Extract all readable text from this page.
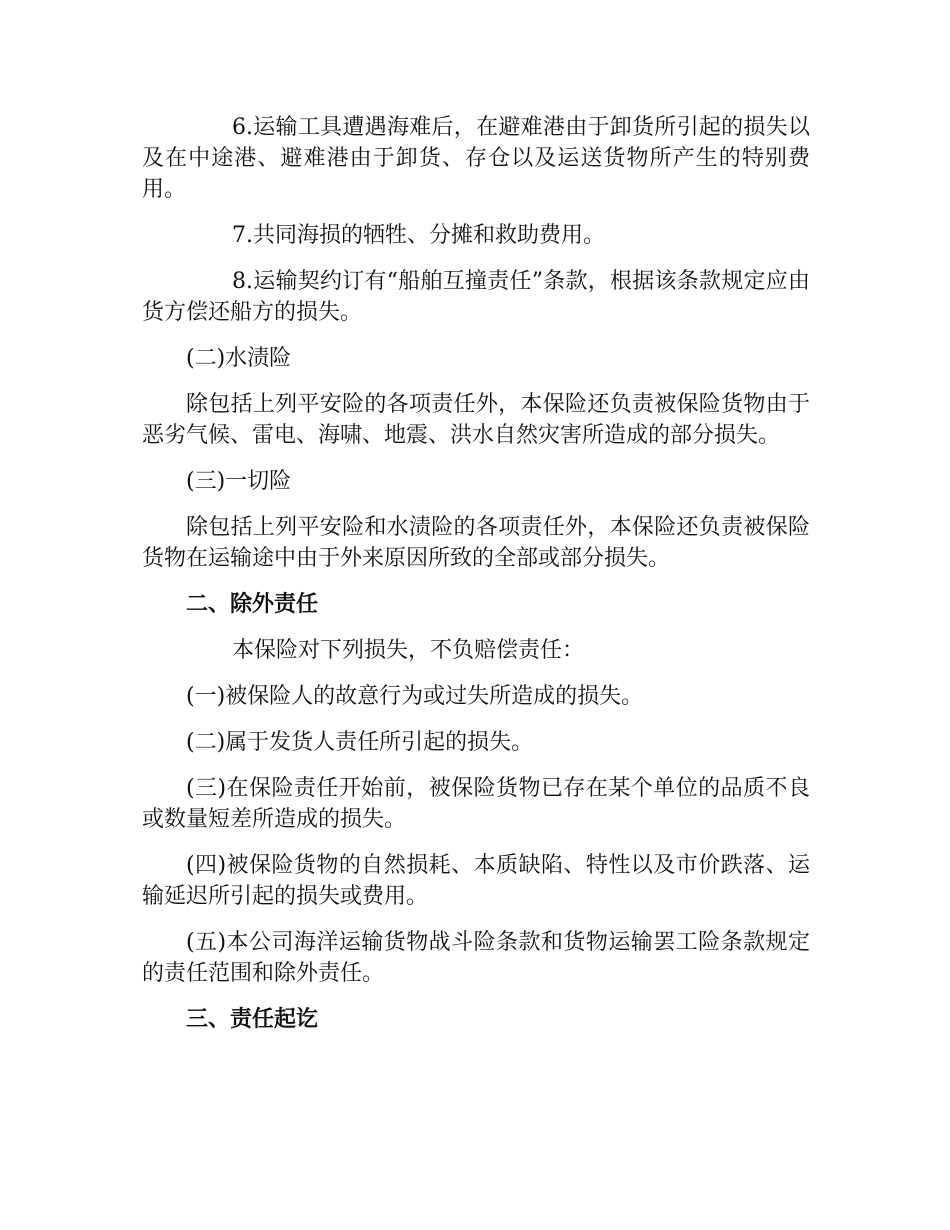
6.运输工具遭遇海难后，在避难港由于卸货所引起的损失以及在中途港、避难港由于卸货、存仓以及运送货物所产生的特别费用。

7.共同海损的牺牲、分摊和救助费用。

8.运输契约订有“船舶互撞责任”条款，根据该条款规定应由货方偿还船方的损失。

(二)水渍险

除包括上列平安险的各项责任外，本保险还负责被保险货物由于恶劣气候、雷电、海啸、地震、洪水自然灾害所造成的部分损失。

(三)一切险

除包括上列平安险和水渍险的各项责任外，本保险还负责被保险货物在运输途中由于外来原因所致的全部或部分损失。

二、除外责任

本保险对下列损失，不负赔偿责任：

(一)被保险人的故意行为或过失所造成的损失。

(二)属于发货人责任所引起的损失。

(三)在保险责任开始前，被保险货物已存在某个单位的品质不良或数量短差所造成的损失。

(四)被保险货物的自然损耗、本质缺陷、特性以及市价跌落、运输延迟所引起的损失或费用。

(五)本公司海洋运输货物战斗险条款和货物运输罢工险条款规定的责任范围和除外责任。

三、责任起讫
